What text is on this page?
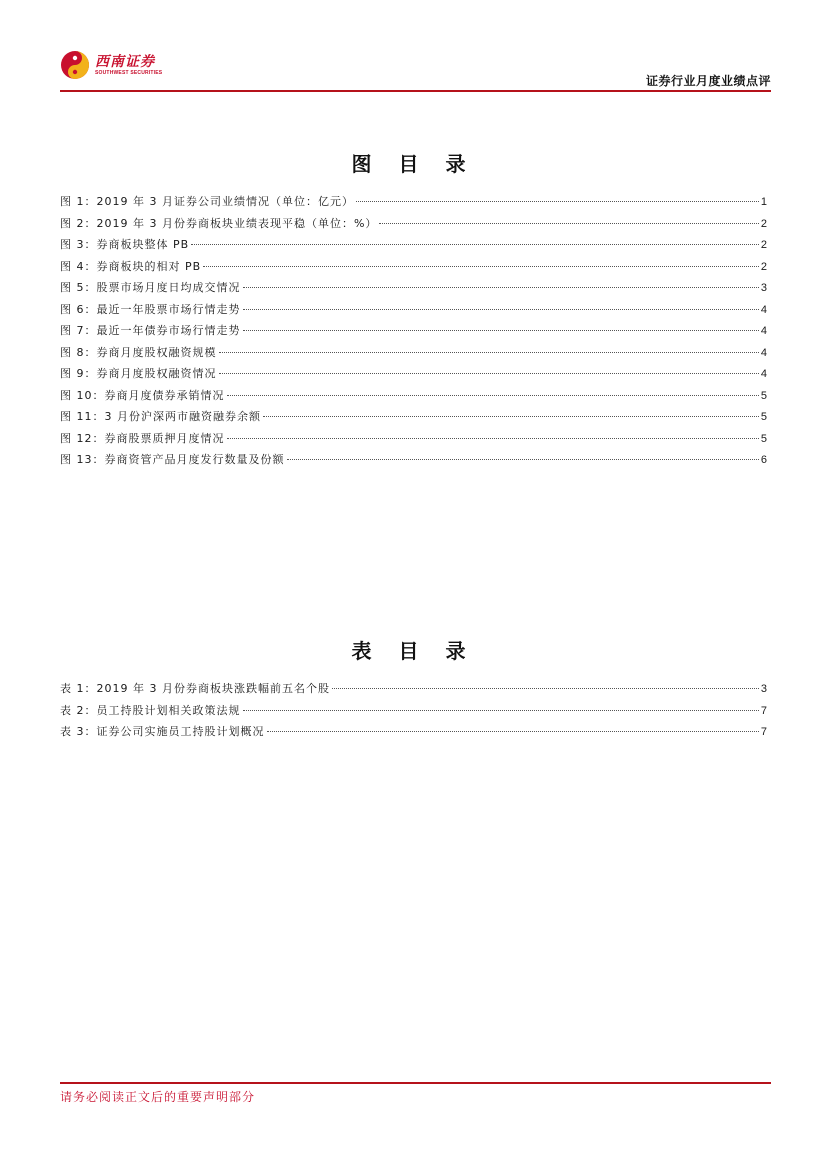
西南证券
SOUTHWEST SECURITIES
证券行业月度业绩点评
图 目 录
图 1：2019 年 3 月证券公司业绩情况（单位：亿元）	1
图 2：2019 年 3 月份券商板块业绩表现平稳（单位：%）	2
图 3：券商板块整体 PB	2
图 4：券商板块的相对 PB	2
图 5：股票市场月度日均成交情况	3
图 6：最近一年股票市场行情走势	4
图 7：最近一年债券市场行情走势	4
图 8：券商月度股权融资规模	4
图 9：券商月度股权融资情况	4
图 10：券商月度债券承销情况	5
图 11：3 月份沪深两市融资融券余额	5
图 12：券商股票质押月度情况	5
图 13：券商资管产品月度发行数量及份额	6
表 目 录
表 1：2019 年 3 月份券商板块涨跌幅前五名个股	3
表 2：员工持股计划相关政策法规	7
表 3：证券公司实施员工持股计划概况	7
请务必阅读正文后的重要声明部分
